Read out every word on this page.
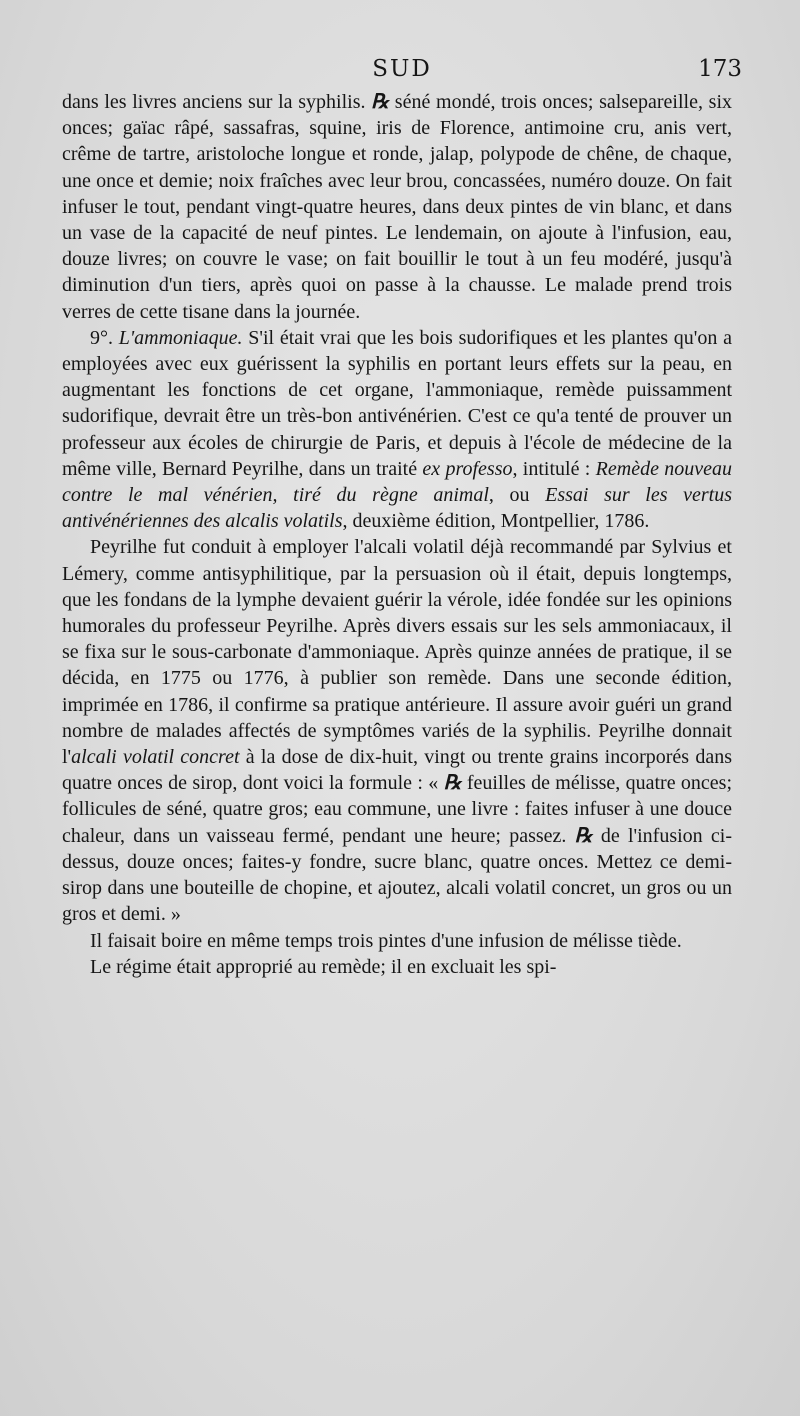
SUD	173

dans les livres anciens sur la syphilis. ℞ séné mondé, trois onces; salsepareille, six onces; gaïac râpé, sassafras, squine, iris de Florence, antimoine cru, anis vert, crême de tartre, aristoloche longue et ronde, jalap, polypode de chêne, de chaque, une once et demie; noix fraîches avec leur brou, concassées, numéro douze. On fait infuser le tout, pendant vingt-quatre heures, dans deux pintes de vin blanc, et dans un vase de la capacité de neuf pintes. Le lendemain, on ajoute à l'infusion, eau, douze livres; on couvre le vase; on fait bouillir le tout à un feu modéré, jusqu'à diminution d'un tiers, après quoi on passe à la chausse. Le malade prend trois verres de cette tisane dans la journée.

9°. L'ammoniaque. S'il était vrai que les bois sudorifiques et les plantes qu'on a employées avec eux guérissent la syphilis en portant leurs effets sur la peau, en augmentant les fonctions de cet organe, l'ammoniaque, remède puissamment sudorifique, devrait être un très-bon antivénérien. C'est ce qu'a tenté de prouver un professeur aux écoles de chirurgie de Paris, et depuis à l'école de médecine de la même ville, Bernard Peyrilhe, dans un traité ex professo, intitulé : Remède nouveau contre le mal vénérien, tiré du règne animal, ou Essai sur les vertus antivénériennes des alcalis volatils, deuxième édition, Montpellier, 1786.

Peyrilhe fut conduit à employer l'alcali volatil déjà recommandé par Sylvius et Lémery, comme antisyphilitique, par la persuasion où il était, depuis longtemps, que les fondans de la lymphe devaient guérir la vérole, idée fondée sur les opinions humorales du professeur Peyrilhe. Après divers essais sur les sels ammoniacaux, il se fixa sur le sous-carbonate d'ammoniaque. Après quinze années de pratique, il se décida, en 1775 ou 1776, à publier son remède. Dans une seconde édition, imprimée en 1786, il confirme sa pratique antérieure. Il assure avoir guéri un grand nombre de malades affectés de symptômes variés de la syphilis. Peyrilhe donnait l'alcali volatil concret à la dose de dix-huit, vingt ou trente grains incorporés dans quatre onces de sirop, dont voici la formule : « ℞ feuilles de mélisse, quatre onces; follicules de séné, quatre gros; eau commune, une livre : faites infuser à une douce chaleur, dans un vaisseau fermé, pendant une heure; passez. ℞ de l'infusion ci-dessus, douze onces; faites-y fondre, sucre blanc, quatre onces. Mettez ce demi-sirop dans une bouteille de chopine, et ajoutez, alcali volatil concret, un gros ou un gros et demi. »

Il faisait boire en même temps trois pintes d'une infusion de mélisse tiède.

Le régime était approprié au remède; il en excluait les spi-
